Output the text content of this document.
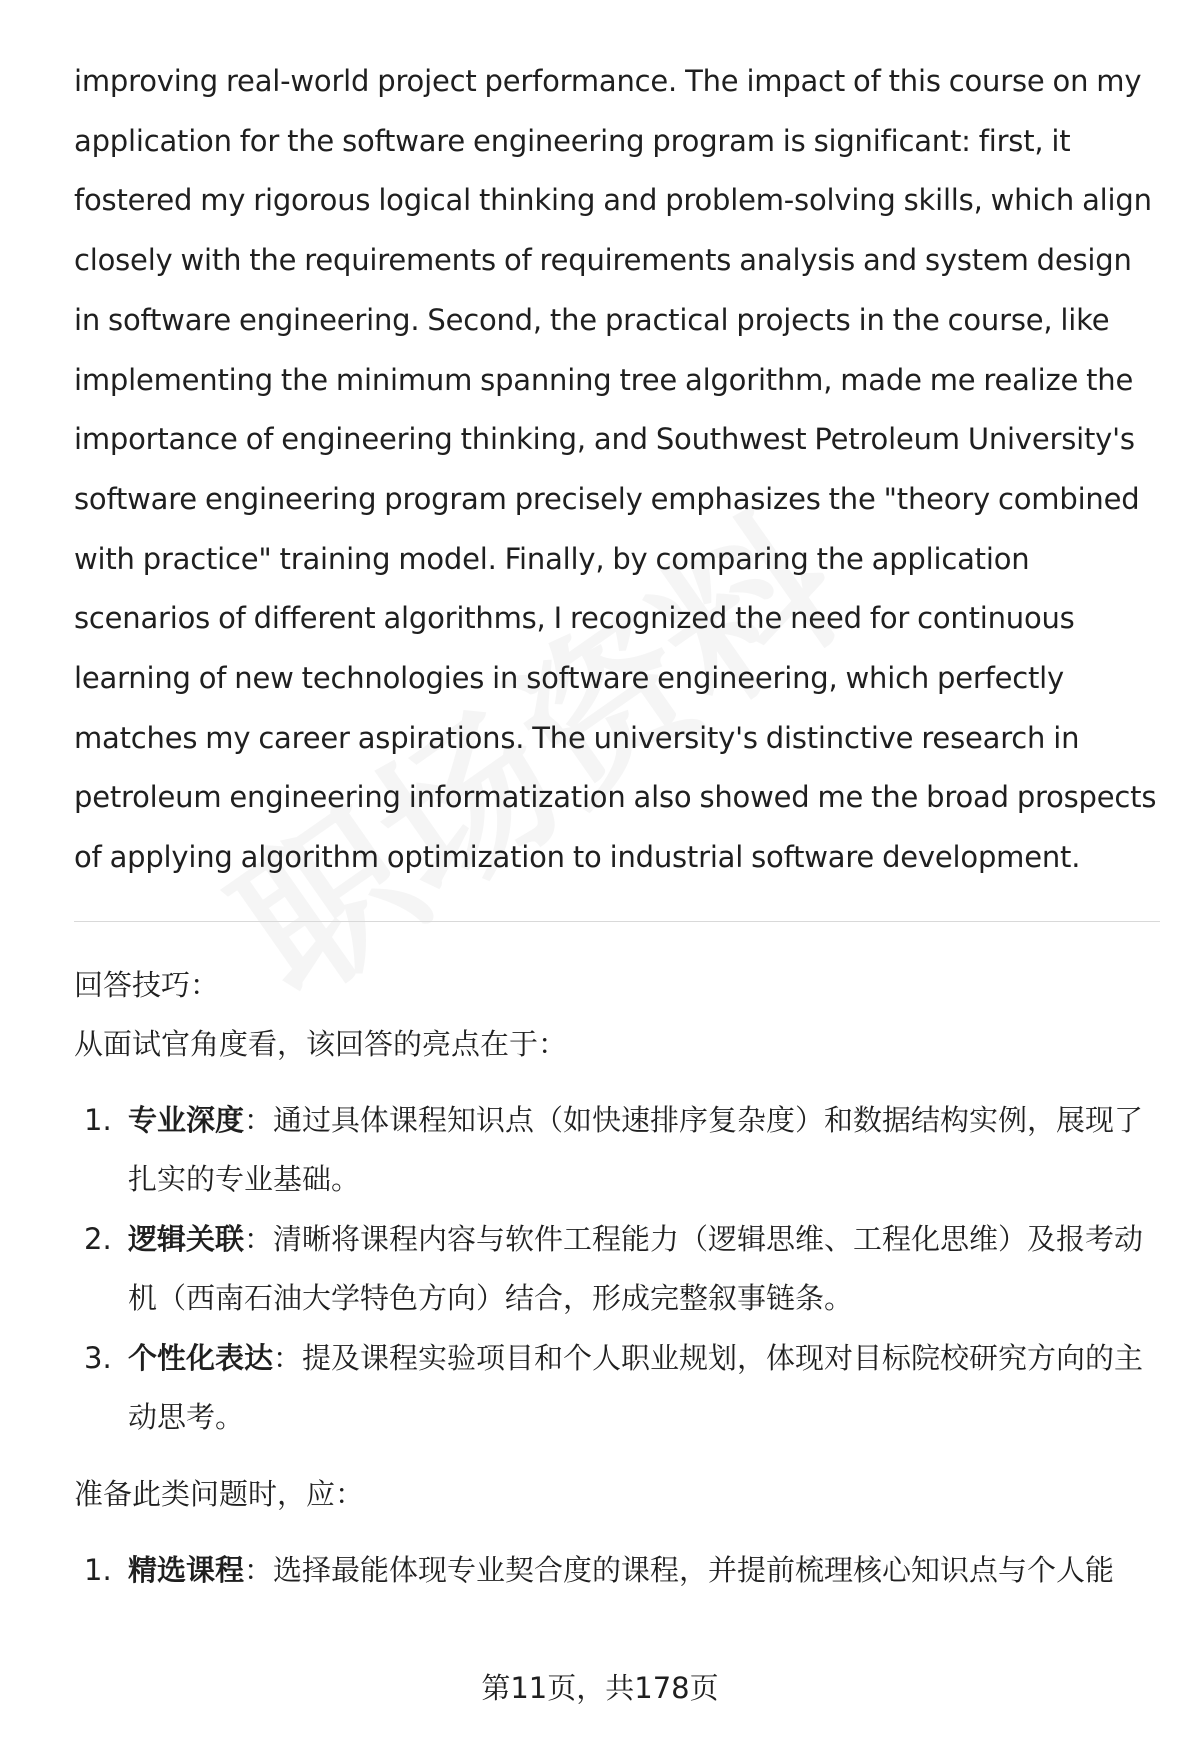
improving real-world project performance. The impact of this course on my application for the software engineering program is significant: first, it fostered my rigorous logical thinking and problem-solving skills, which align closely with the requirements of requirements analysis and system design in software engineering. Second, the practical projects in the course, like implementing the minimum spanning tree algorithm, made me realize the importance of engineering thinking, and Southwest Petroleum University's software engineering program precisely emphasizes the "theory combined with practice" training model. Finally, by comparing the application scenarios of different algorithms, I recognized the need for continuous learning of new technologies in software engineering, which perfectly matches my career aspirations. The university's distinctive research in petroleum engineering informatization also showed me the broad prospects of applying algorithm optimization to industrial software development.

回答技巧：

从面试官角度看，该回答的亮点在于：

1. 专业深度：通过具体课程知识点（如快速排序复杂度）和数据结构实例，展现了扎实的专业基础。
2. 逻辑关联：清晰将课程内容与软件工程能力（逻辑思维、工程化思维）及报考动机（西南石油大学特色方向）结合，形成完整叙事链条。
3. 个性化表达：提及课程实验项目和个人职业规划，体现对目标院校研究方向的主动思考。

准备此类问题时，应：

1. 精选课程：选择最能体现专业契合度的课程，并提前梳理核心知识点与个人能
第11页，共178页
